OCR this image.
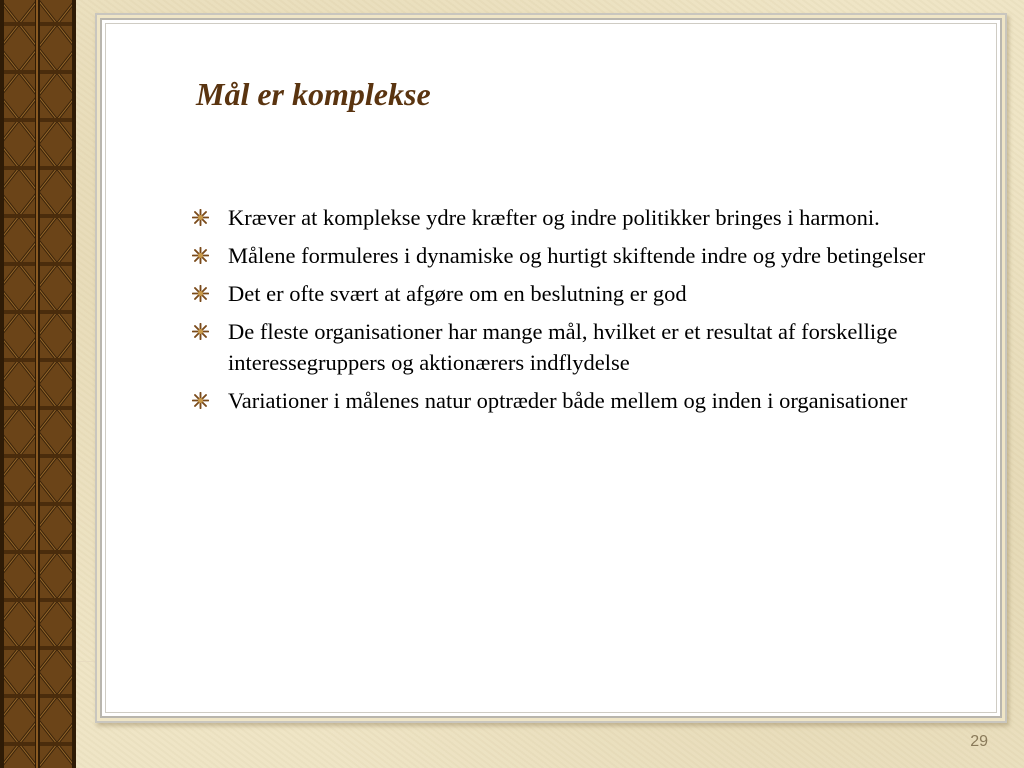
Mål er komplekse
Kræver at komplekse ydre kræfter og indre politikker bringes i harmoni.
Målene formuleres i dynamiske og hurtigt skiftende indre og ydre betingelser
Det er ofte svært at afgøre om en beslutning er god
De fleste organisationer har mange mål, hvilket er et resultat af forskellige interessegruppers og aktionærers indflydelse
Variationer i målenes natur optræder både mellem og inden i organisationer
29
